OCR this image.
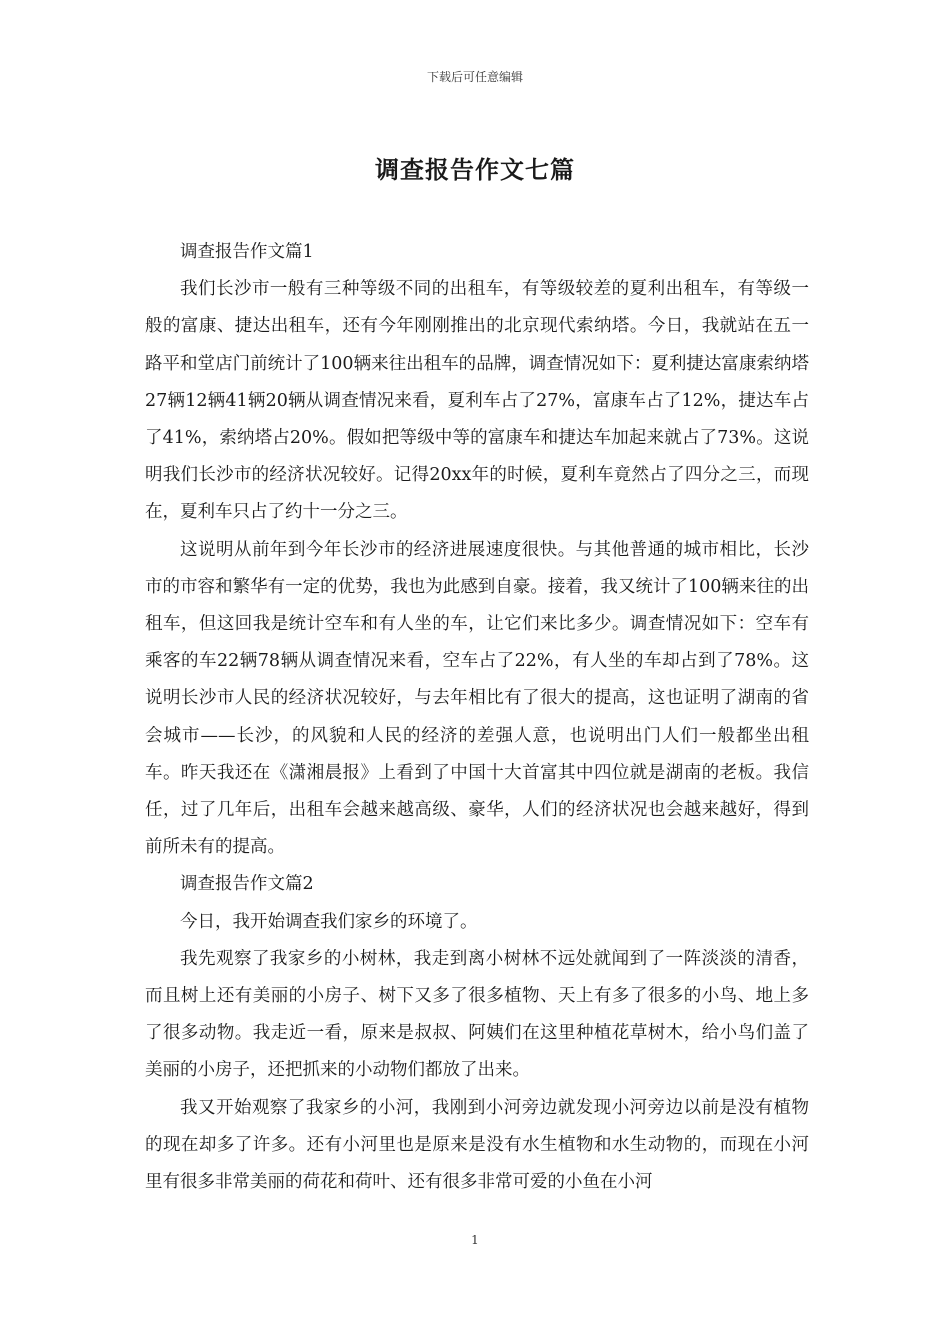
下载后可任意编辑
调查报告作文七篇

调查报告作文篇1

我们长沙市一般有三种等级不同的出租车，有等级较差的夏利出租车，有等级一般的富康、捷达出租车，还有今年刚刚推出的北京现代索纳塔。今日，我就站在五一路平和堂店门前统计了100辆来往出租车的品牌，调查情况如下：夏利捷达富康索纳塔27辆12辆41辆20辆从调查情况来看，夏利车占了27%，富康车占了12%，捷达车占了41%，索纳塔占20%。假如把等级中等的富康车和捷达车加起来就占了73%。这说明我们长沙市的经济状况较好。记得20xx年的时候，夏利车竟然占了四分之三，而现在，夏利车只占了约十一分之三。

这说明从前年到今年长沙市的经济进展速度很快。与其他普通的城市相比，长沙市的市容和繁华有一定的优势，我也为此感到自豪。接着，我又统计了100辆来往的出租车，但这回我是统计空车和有人坐的车，让它们来比多少。调查情况如下：空车有乘客的车22辆78辆从调查情况来看，空车占了22%，有人坐的车却占到了78%。这说明长沙市人民的经济状况较好，与去年相比有了很大的提高，这也证明了湖南的省会城市——长沙，的风貌和人民的经济的差强人意，也说明出门人们一般都坐出租车。昨天我还在《潇湘晨报》上看到了中国十大首富其中四位就是湖南的老板。我信任，过了几年后，出租车会越来越高级、豪华，人们的经济状况也会越来越好，得到前所未有的提高。

调查报告作文篇2

今日，我开始调查我们家乡的环境了。

我先观察了我家乡的小树林，我走到离小树林不远处就闻到了一阵淡淡的清香，而且树上还有美丽的小房子、树下又多了很多植物、天上有多了很多的小鸟、地上多了很多动物。我走近一看，原来是叔叔、阿姨们在这里种植花草树木，给小鸟们盖了美丽的小房子，还把抓来的小动物们都放了出来。

我又开始观察了我家乡的小河，我刚到小河旁边就发现小河旁边以前是没有植物的现在却多了许多。还有小河里也是原来是没有水生植物和水生动物的，而现在小河里有很多非常美丽的荷花和荷叶、还有很多非常可爱的小鱼在小河

1
